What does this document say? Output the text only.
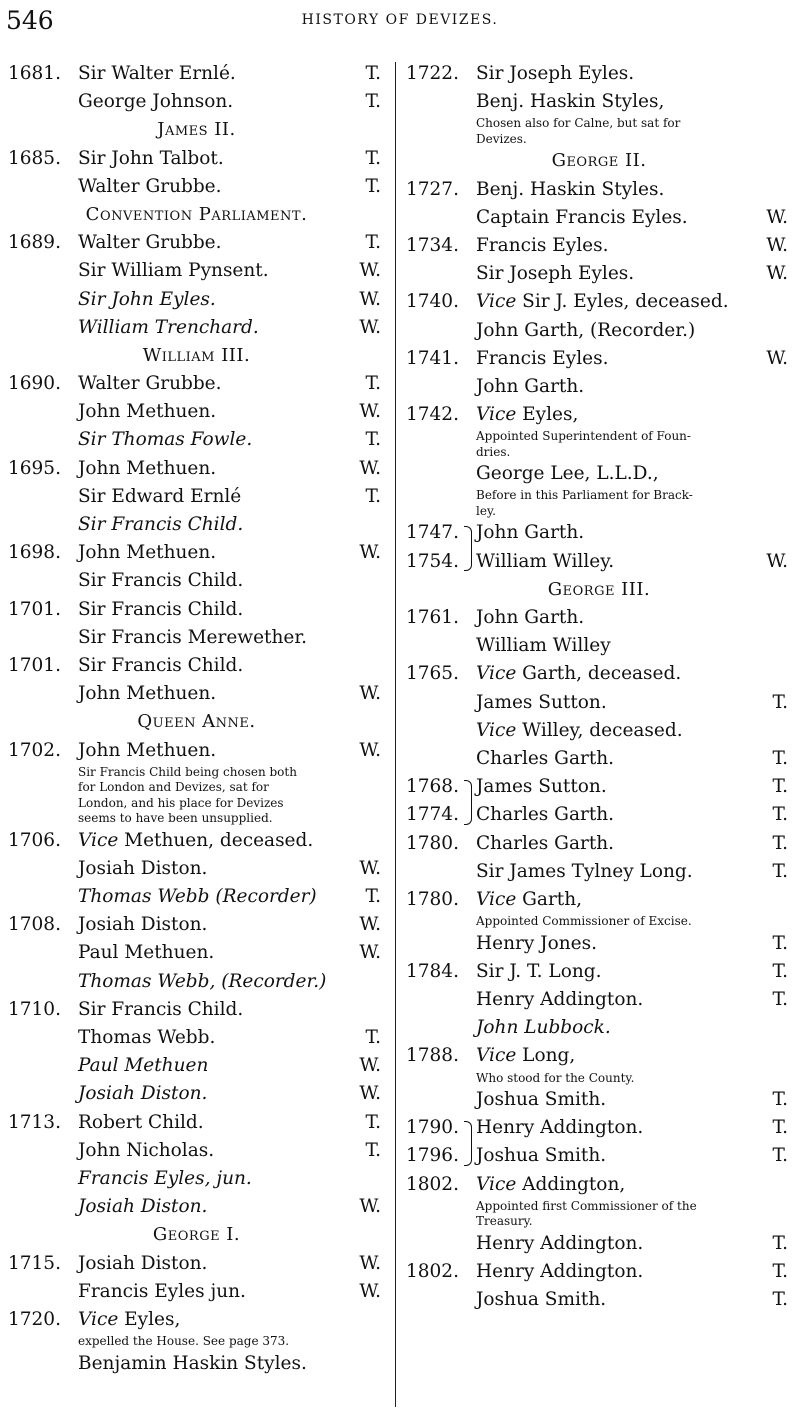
546	HISTORY OF DEVIZES.
1681. Sir Walter Ernlé.	T.
George Johnson.	T.
James II.
1685. Sir John Talbot.	T.
Walter Grubbe.	T.
Convention Parliament.
1689. Walter Grubbe.	T.
Sir William Pynsent.	W.
Sir John Eyles.	W.
William Trenchard.	W.
William III.
1690. Walter Grubbe.	T.
John Methuen.	W.
Sir Thomas Fowle.	T.
1695. John Methuen.	W.
Sir Edward Ernlé	T.
Sir Francis Child.
1698. John Methuen.	W.
Sir Francis Child.
1701. Sir Francis Child.
Sir Francis Merewether.
1701. Sir Francis Child.
John Methuen.	W.
Queen Anne.
1702. John Methuen.	W.
Sir Francis Child being chosen both
for London and Devizes, sat for
London, and his place for Devizes
seems to have been unsupplied.
1706. Vice Methuen, deceased.
Josiah Diston.	W.
Thomas Webb (Recorder)	T.
1708. Josiah Diston.	W.
Paul Methuen.	W.
Thomas Webb, (Recorder.)
1710. Sir Francis Child.
Thomas Webb.	T.
Paul Methuen	W.
Josiah Diston.	W.
1713. Robert Child.	T.
John Nicholas.	T.
Francis Eyles, jun.
Josiah Diston.	W.
George I.
1715. Josiah Diston.	W.
Francis Eyles jun.	W.
1720. Vice Eyles,
expelled the House. See page 373.
Benjamin Haskin Styles.
1722. Sir Joseph Eyles.
Benj. Haskin Styles,
Chosen also for Calne, but sat for
Devizes.
George II.
1727. Benj. Haskin Styles.
Captain Francis Eyles.	W.
1734. Francis Eyles.	W.
Sir Joseph Eyles.	W.
1740. Vice Sir J. Eyles, deceased.
John Garth, (Recorder.)
1741. Francis Eyles.	W.
John Garth.
1742. Vice Eyles,
Appointed Superintendent of Foun-
dries.
George Lee, L.L.D.,
Before in this Parliament for Brack-
ley.
1747. John Garth.
1754. William Willey.	W.
George III.
1761. John Garth.
William Willey
1765. Vice Garth, deceased.
James Sutton.	T.
Vice Willey, deceased.
Charles Garth.	T.
1768. James Sutton.	T.
1774. Charles Garth.	T.
1780. Charles Garth.	T.
Sir James Tylney Long.	T.
1780. Vice Garth,
Appointed Commissioner of Excise.
Henry Jones.	T.
1784. Sir J. T. Long.	T.
Henry Addington.	T.
John Lubbock.
1788. Vice Long,
Who stood for the County.
Joshua Smith.	T.
1790. Henry Addington.	T.
1796. Joshua Smith.	T.
1802. Vice Addington,
Appointed first Commissioner of the
Treasury.
Henry Addington.	T.
1802. Henry Addington.	T.
Joshua Smith.	T.
